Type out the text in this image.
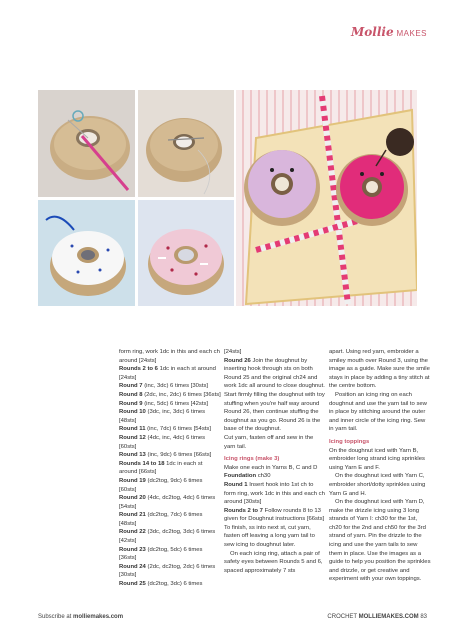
Mollie MAKES

form ring, work 1dc in this and each ch around [24sts]

Rounds 2 to 6 1dc in each st around [24sts]

Round 7 (inc, 3dc) 6 times [30sts]

Round 8 (2dc, inc, 2dc) 6 times [36sts]

Round 9 (inc, 5dc) 6 times [42sts]

Round 10 (3dc, inc, 3dc) 6 times [48sts]

Round 11 (inc, 7dc) 6 times [54sts]

Round 12 (4dc, inc, 4dc) 6 times [60sts]

Round 13 (inc, 9dc) 6 times [66sts]

Rounds 14 to 18 1dc in each st around [66sts]

Round 19 (dc2tog, 9dc) 6 times [60sts]

Round 20 (4dc, dc2tog, 4dc) 6 times [54sts]

Round 21 (dc2tog, 7dc) 6 times [48sts]

Round 22 (3dc, dc2tog, 3dc) 6 times [42sts]

Round 23 (dc2tog, 5dc) 6 times [36sts]

Round 24 (2dc, dc2tog, 2dc) 6 times [30sts]

Round 25 (dc2tog, 3dc) 6 times

[24sts]

Round 26 Join the doughnut by inserting hook through sts on both Round 25 and the original ch24 and work 1dc all around to close doughnut. Start firmly filling the doughnut with toy stuffing when you're half way around Round 26, then continue stuffing the doughnut as you go. Round 26 is the base of the doughnut.

Cut yarn, fasten off and sew in the yarn tail.

Icing rings (make 3)

Make one each in Yarns B, C and D

Foundation ch30

Round 1 Insert hook into 1st ch to form ring, work 1dc in this and each ch around [30sts]

Rounds 2 to 7 Follow rounds 8 to 13 given for Doughnut instructions [66sts]

To finish, ss into next st, cut yarn, fasten off leaving a long yarn tail to sew icing to doughnut later.

On each icing ring, attach a pair of safety eyes between Rounds 5 and 6, spaced approximately 7 sts

apart. Using red yarn, embroider a smiley mouth over Round 3, using the image as a guide. Make sure the smile stays in place by adding a tiny stitch at the centre bottom.

Position an icing ring on each doughnut and use the yarn tail to sew in place by stitching around the outer and inner circle of the icing ring. Sew in yarn tail.

Icing toppings

On the doughnut iced with Yarn B, embroider long strand icing sprinkles using Yarn E and F.

On the doughnut iced with Yarn C, embroider short/dotty sprinkles using Yarn G and H.

On the doughnut iced with Yarn D, make the drizzle icing using 3 long strands of Yarn I: ch30 for the 1st, ch20 for the 2nd and ch50 for the 3rd strand of yarn. Pin the drizzle to the icing and use the yarn tails to sew them in place. Use the images as a guide to help you position the sprinkles and drizzle, or get creative and experiment with your own toppings.

Subscribe at molliemakes.com	CROCHET MOLLIEMAKES.COM 83
